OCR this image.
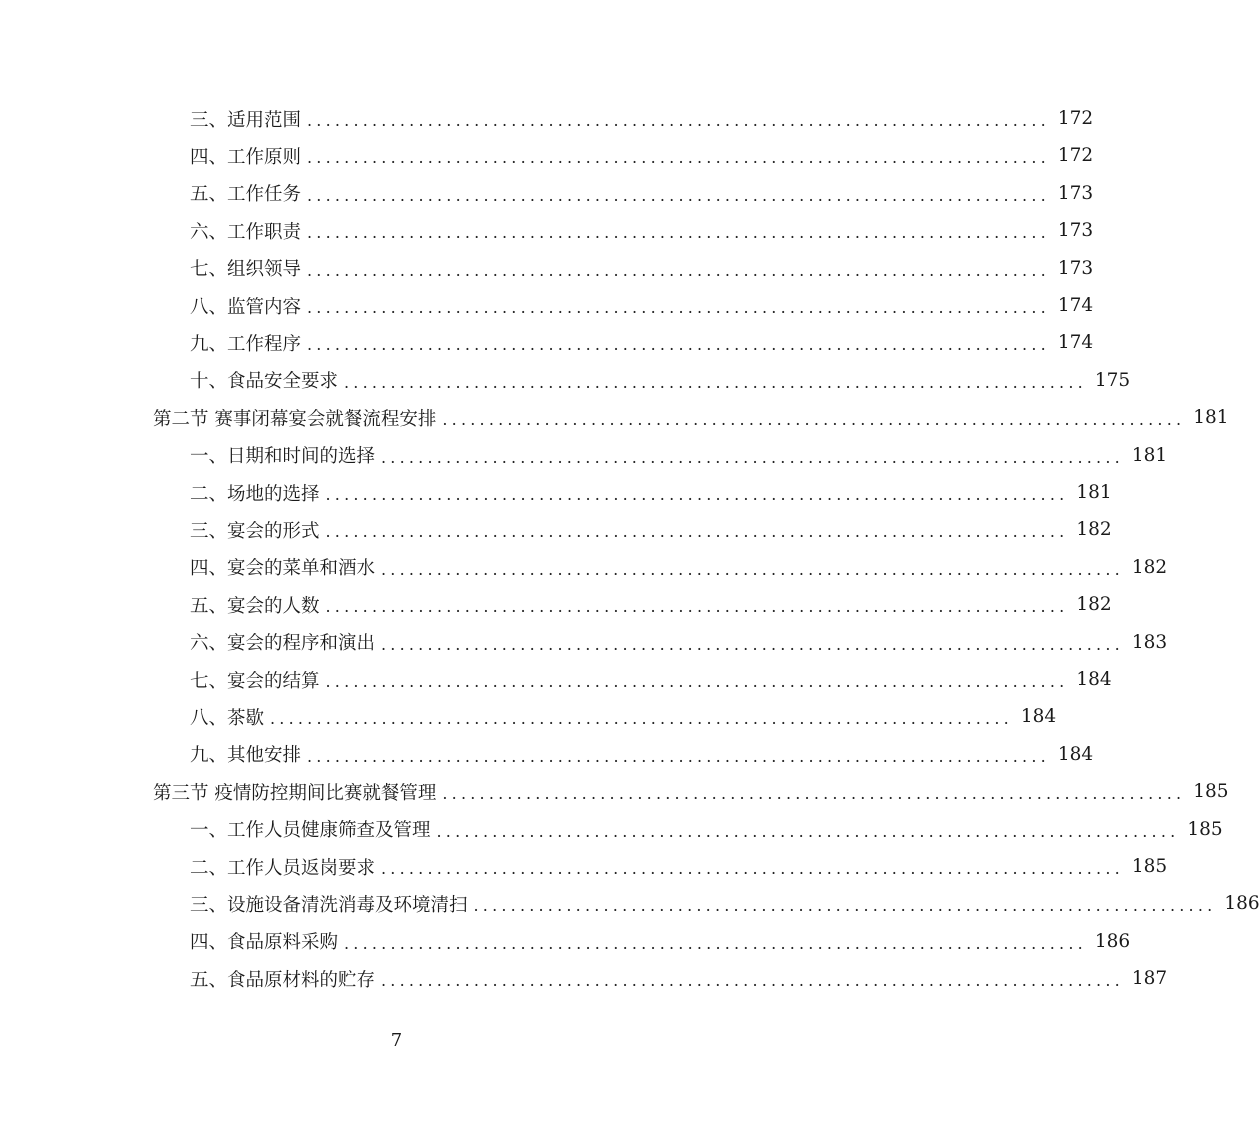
三、适用范围 ................................................................................ 172
四、工作原则 ................................................................................ 172
五、工作任务 ................................................................................ 173
六、工作职责 ................................................................................ 173
七、组织领导 ................................................................................ 173
八、监管内容 ................................................................................ 174
九、工作程序 ................................................................................ 174
十、食品安全要求 ................................................................................ 175
第二节 赛事闭幕宴会就餐流程安排 ................................................................................ 181
一、日期和时间的选择 ................................................................................ 181
二、场地的选择 ................................................................................ 181
三、宴会的形式 ................................................................................ 182
四、宴会的菜单和酒水 ................................................................................ 182
五、宴会的人数 ................................................................................ 182
六、宴会的程序和演出 ................................................................................ 183
七、宴会的结算 ................................................................................ 184
八、茶歇 ................................................................................ 184
九、其他安排 ................................................................................ 184
第三节 疫情防控期间比赛就餐管理 ................................................................................ 185
一、工作人员健康筛查及管理 ................................................................................ 185
二、工作人员返岗要求 ................................................................................ 185
三、设施设备清洗消毒及环境清扫 ................................................................................ 186
四、食品原料采购 ................................................................................ 186
五、食品原材料的贮存 ................................................................................ 187
7
